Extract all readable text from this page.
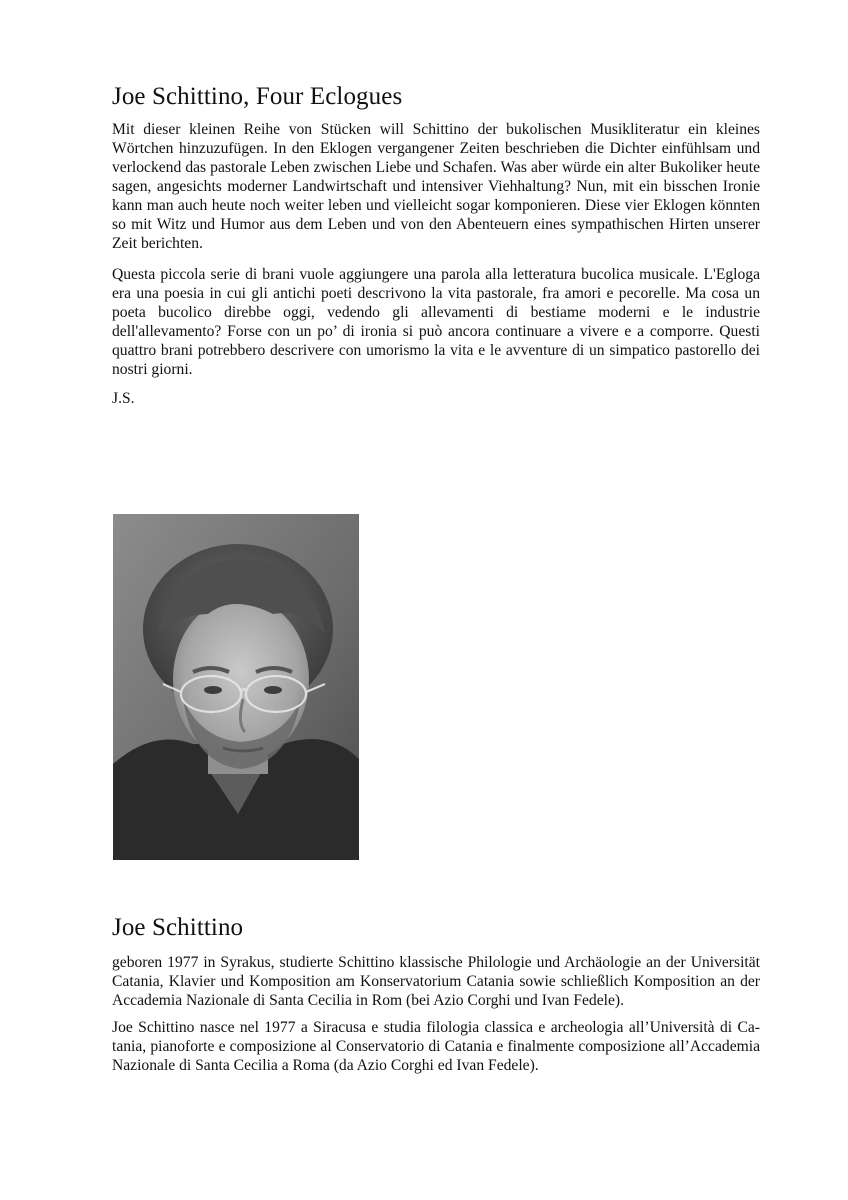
Joe Schittino, Four Eclogues

Mit dieser kleinen Reihe von Stücken will Schittino der bukolischen Musikliteratur ein kleines Wörtchen hinzuzufügen. In den Eklogen vergangener Zeiten beschrieben die Dichter einfühlsam und verlockend das pastorale Leben zwischen Liebe und Schafen. Was aber würde ein alter Bukoliker heute sagen, angesichts moderner Landwirtschaft und intensiver Viehhaltung? Nun, mit ein bisschen Ironie kann man auch heute noch weiter leben und vielleicht sogar komponieren. Diese vier Eklogen könnten so mit Witz und Humor aus dem Leben und von den Abenteuern eines sympathischen Hirten unserer Zeit berichten.

Questa piccola serie di brani vuole aggiungere una parola alla letteratura bucolica musicale. L'Egloga era una poesia in cui gli antichi poeti descrivono la vita pastorale, fra amori e pecorelle. Ma cosa un poeta bucolico direbbe oggi, vedendo gli allevamenti di bestiame moderni e le industrie dell'allevamento? Forse con un po’ di ironia si può ancora continuare a vivere e a comporre. Questi quattro brani potrebbero descrivere con umorismo la vita e le avventure di un simpatico pastorello dei nostri giorni.

J.S.

Joe Schittino

geboren 1977 in Syrakus, studierte Schittino klassische Philologie und Archäologie an der Universität Catania, Klavier und Komposition am Konservatorium Catania sowie schließlich Komposition an der Accademia Nazionale di Santa Cecilia in Rom (bei Azio Corghi und Ivan Fedele).

Joe Schittino nasce nel 1977 a Siracusa e studia filologia classica e archeologia all’Università di Catania, pianoforte e composizione al Conservatorio di Catania e finalmente composizione all’Accademia Nazionale di Santa Cecilia a Roma (da Azio Corghi ed Ivan Fedele).
